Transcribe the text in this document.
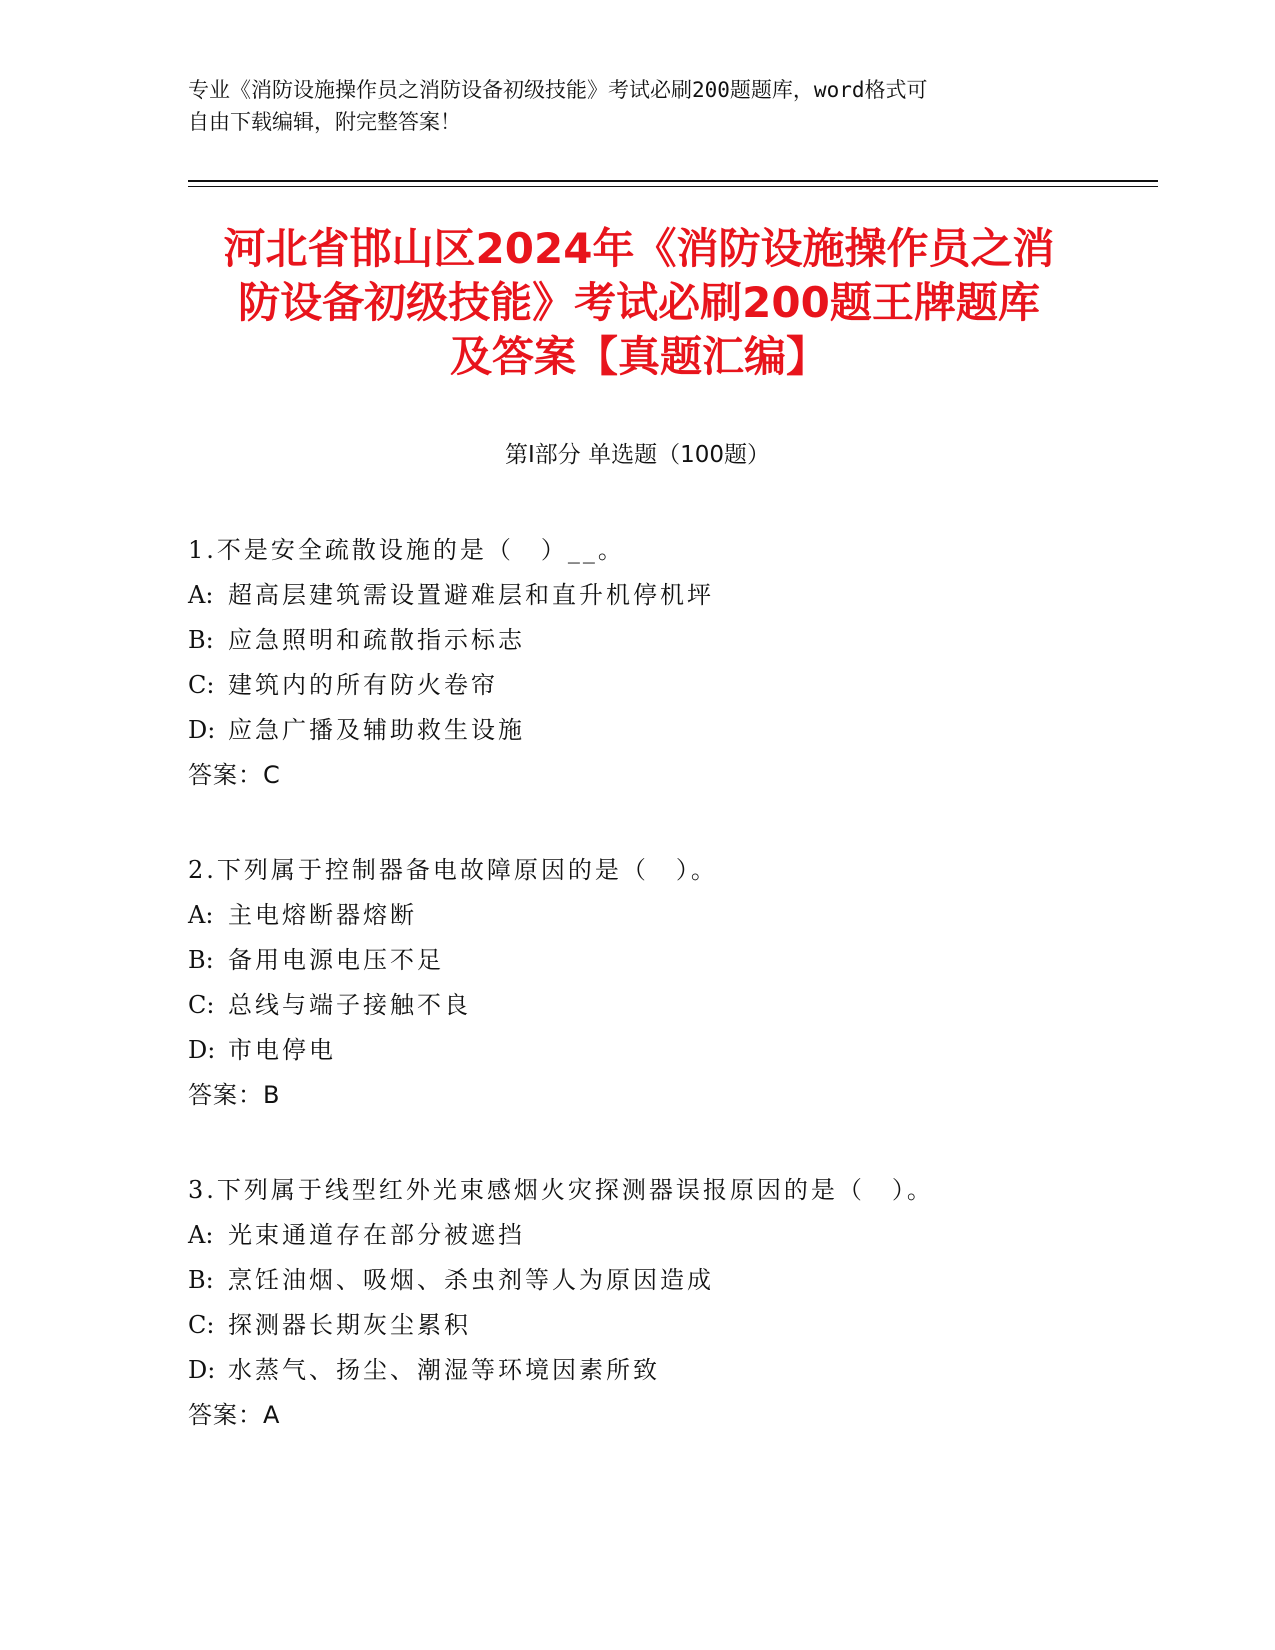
专业《消防设施操作员之消防设备初级技能》考试必刷200题题库，word格式可
自由下载编辑，附完整答案！
河北省邯山区2024年《消防设施操作员之消
防设备初级技能》考试必刷200题王牌题库
及答案【真题汇编】
第Ⅰ部分 单选题（100题）
1.不是安全疏散设施的是（　）__。
A: 超高层建筑需设置避难层和直升机停机坪
B: 应急照明和疏散指示标志
C: 建筑内的所有防火卷帘
D: 应急广播及辅助救生设施
答案：C
2.下列属于控制器备电故障原因的是（　）。
A: 主电熔断器熔断
B: 备用电源电压不足
C: 总线与端子接触不良
D: 市电停电
答案：B
3.下列属于线型红外光束感烟火灾探测器误报原因的是（　）。
A: 光束通道存在部分被遮挡
B: 烹饪油烟、吸烟、杀虫剂等人为原因造成
C: 探测器长期灰尘累积
D: 水蒸气、扬尘、潮湿等环境因素所致
答案：A
